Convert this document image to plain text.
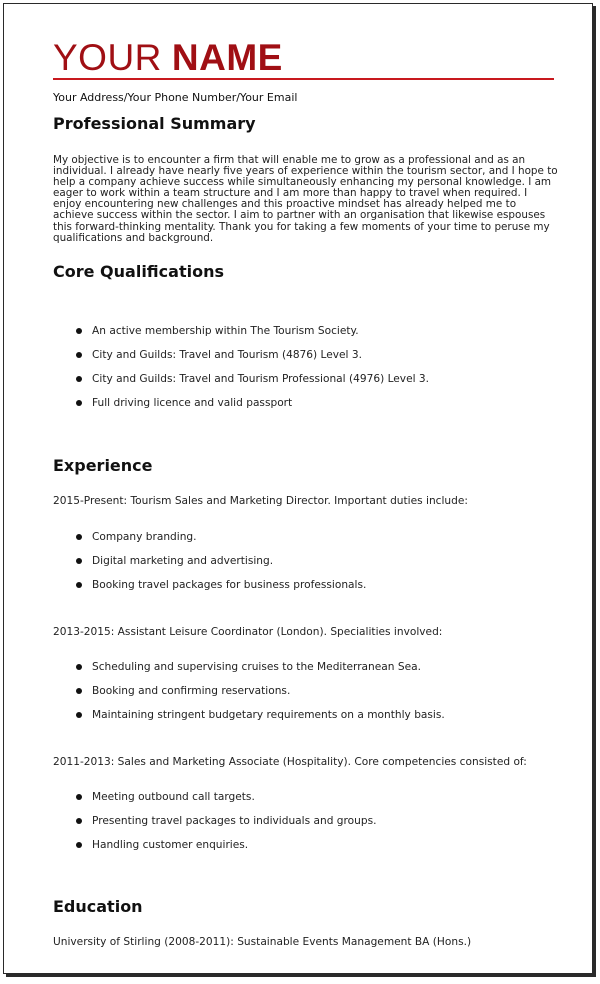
YOUR NAME
Your Address/Your Phone Number/Your Email
Professional Summary
My objective is to encounter a firm that will enable me to grow as a professional and as an individual. I already have nearly five years of experience within the tourism sector, and I hope to help a company achieve success while simultaneously enhancing my personal knowledge. I am eager to work within a team structure and I am more than happy to travel when required. I enjoy encountering new challenges and this proactive mindset has already helped me to achieve success within the sector. I aim to partner with an organisation that likewise espouses this forward-thinking mentality. Thank you for taking a few moments of your time to peruse my qualifications and background.
Core Qualifications
An active membership within The Tourism Society.
City and Guilds: Travel and Tourism (4876) Level 3.
City and Guilds: Travel and Tourism Professional (4976) Level 3.
Full driving licence and valid passport
Experience
2015-Present: Tourism Sales and Marketing Director. Important duties include:
Company branding.
Digital marketing and advertising.
Booking travel packages for business professionals.
2013-2015: Assistant Leisure Coordinator (London). Specialities involved:
Scheduling and supervising cruises to the Mediterranean Sea.
Booking and confirming reservations.
Maintaining stringent budgetary requirements on a monthly basis.
2011-2013: Sales and Marketing Associate (Hospitality). Core competencies consisted of:
Meeting outbound call targets.
Presenting travel packages to individuals and groups.
Handling customer enquiries.
Education
University of Stirling (2008-2011): Sustainable Events Management BA (Hons.)
